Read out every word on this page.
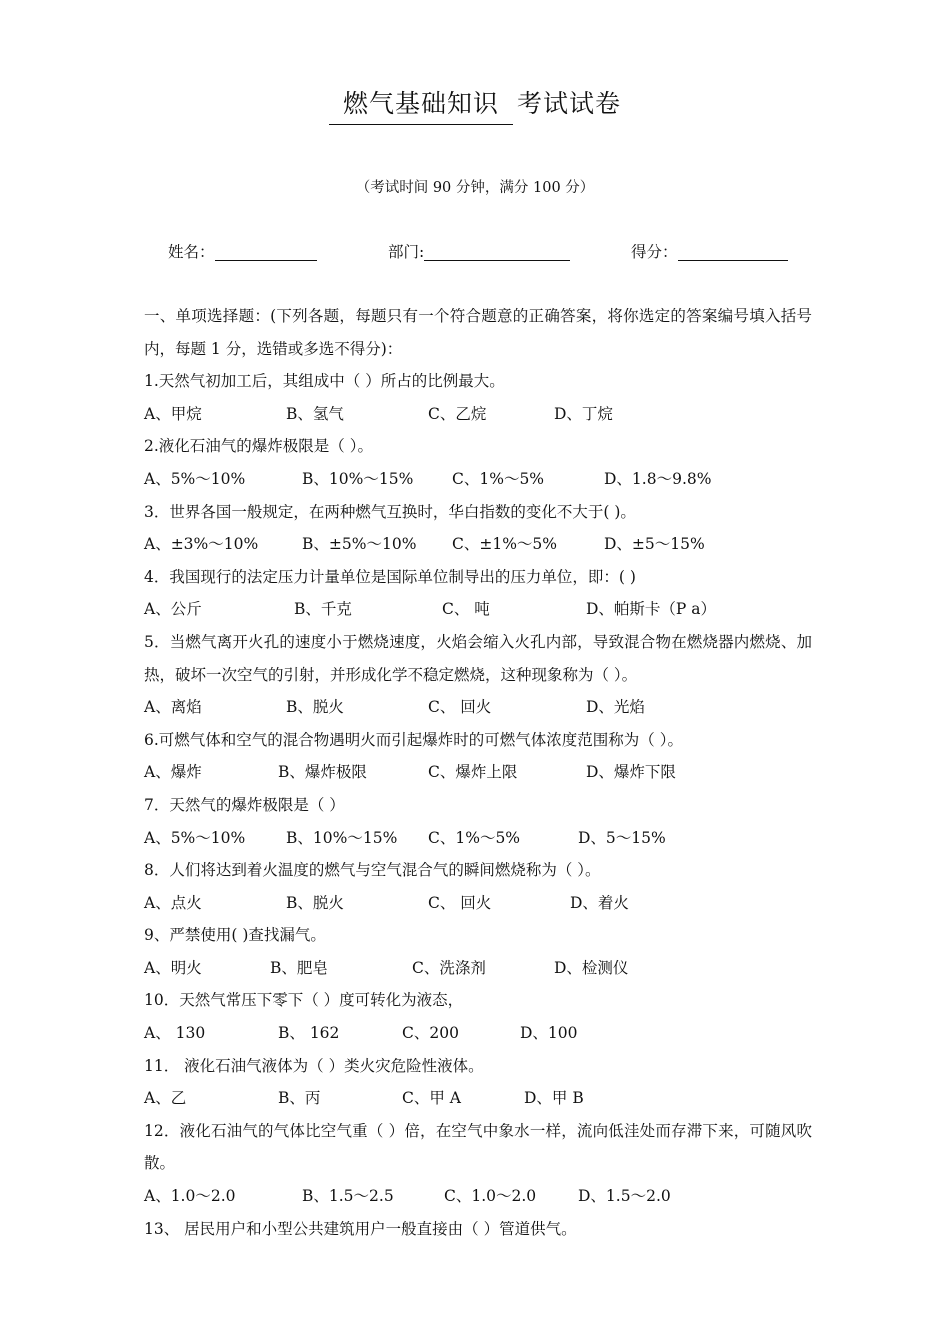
燃气基础知识 考试试卷
（考试时间 90 分钟，满分 100 分）
姓名：	部门:	得分：
一、单项选择题：(下列各题，每题只有一个符合题意的正确答案，将你选定的答案编号填入括号内，每题 1 分，选错或多选不得分)：
1.天然气初加工后，其组成中（ ）所占的比例最大。
A、甲烷	B、氢气	C、乙烷	D、丁烷
2.液化石油气的爆炸极限是（ ）。
A、5%～10%	B、10%～15% C、1%～5%	D、1.8～9.8%
3．世界各国一般规定，在两种燃气互换时，华白指数的变化不大于( )。
A、±3%～10%	B、±5%～10% C、±1%～5%	D、±5～15%
4．我国现行的法定压力计量单位是国际单位制导出的压力单位，即：( )
A、公斤	B、千克	C、 吨	D、帕斯卡（P a）
5．当燃气离开火孔的速度小于燃烧速度，火焰会缩入火孔内部，导致混合物在燃烧器内燃烧、加热，破坏一次空气的引射，并形成化学不稳定燃烧，这种现象称为（ ）。
A、离焰	B、脱火	C、 回火	D、光焰
6.可燃气体和空气的混合物遇明火而引起爆炸时的可燃气体浓度范围称为（ ）。
A、爆炸	B、爆炸极限	C、爆炸上限	D、爆炸下限
7．天然气的爆炸极限是（ ）
A、5%～10%	B、10%～15% C、1%～5%	D、5～15%
8．人们将达到着火温度的燃气与空气混合气的瞬间燃烧称为（ ）。
A、点火	B、脱火	C、 回火	D、着火
9、严禁使用( )查找漏气。
A、明火	B、肥皂	C、洗涤剂	D、检测仪
10．天然气常压下零下（ ）度可转化为液态，
A、 130	B、 162	C、200	D、100
11． 液化石油气液体为（ ）类火灾危险性液体。
A、乙	B、丙	C、甲 A	D、甲 B
12．液化石油气的气体比空气重（ ）倍，在空气中象水一样，流向低洼处而存滞下来，可随风吹散。
A、1.0～2.0	B、1.5～2.5	C、1.0～2.0	D、1.5～2.0
13、 居民用户和小型公共建筑用户一般直接由（ ）管道供气。
